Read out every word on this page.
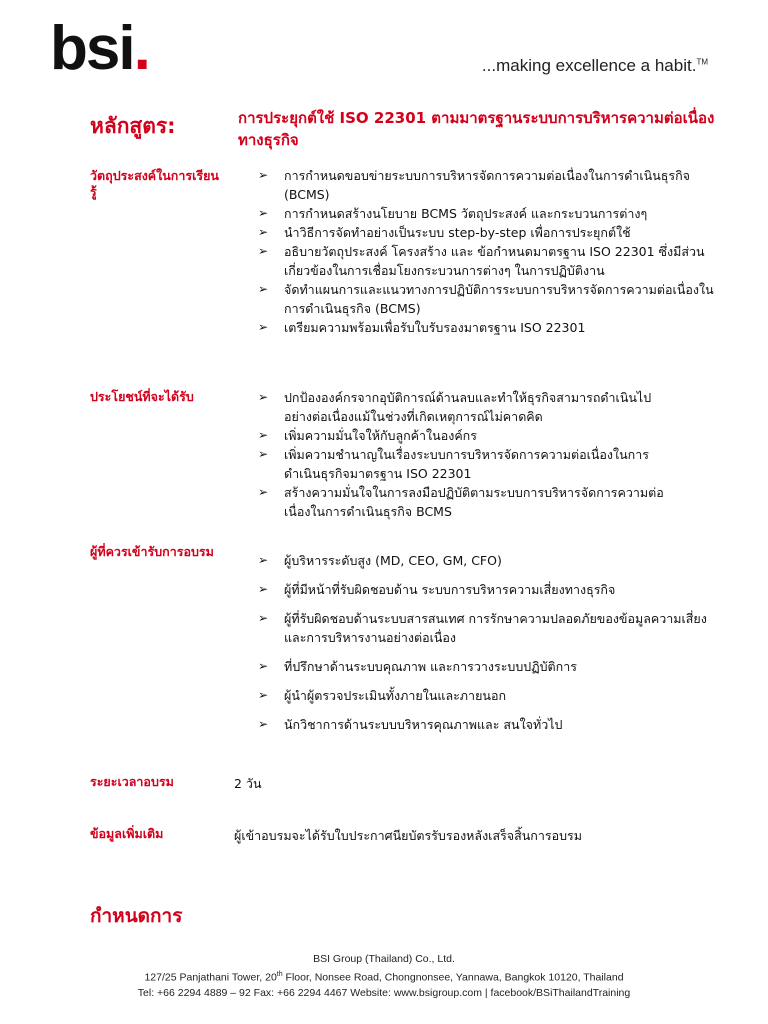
bsi.	...making excellence a habit.™
หลักสูตร:	การประยุกต์ใช้ ISO 22301 ตามมาตรฐานระบบการบริหารความต่อเนื่องทางธุรกิจ
วัตถุประสงค์ในการเรียนรู้
➢ การกำหนดขอบข่ายระบบการบริหารจัดการความต่อเนื่องในการดำเนินธุรกิจ (BCMS)
➢ การกำหนดสร้างนโยบาย BCMS วัตถุประสงค์ และกระบวนการต่างๆ
➢ นำวิธีการจัดทำอย่างเป็นระบบ step-by-step เพื่อการประยุกต์ใช้
➢ อธิบายวัตถุประสงค์ โครงสร้าง และ ข้อกำหนดมาตรฐาน ISO 22301 ซึ่งมีส่วนเกี่ยวข้องในการเชื่อมโยงกระบวนการต่างๆ ในการปฏิบัติงาน
➢ จัดทำแผนการและแนวทางการปฏิบัติการระบบการบริหารจัดการความต่อเนื่องในการดำเนินธุรกิจ (BCMS)
➢ เตรียมความพร้อมเพื่อรับใบรับรองมาตรฐาน ISO 22301
ประโยชน์ที่จะได้รับ	➢ ปกป้ององค์กรจากอุบัติการณ์ด้านลบและทำให้ธุรกิจสามารถดำเนินไปอย่างต่อเนื่องแม้ในช่วงที่เกิดเหตุการณ์ไม่คาดคิด
➢ เพิ่มความมั่นใจให้กับลูกค้าในองค์กร
➢ เพิ่มความชำนาญในเรื่องระบบการบริหารจัดการความต่อเนื่องในการดำเนินธุรกิจมาตรฐาน ISO 22301
➢ สร้างความมั่นใจในการลงมือปฏิบัติตามระบบการบริหารจัดการความต่อเนื่องในการดำเนินธุรกิจ BCMS
ผู้ที่ควรเข้ารับการอบรม
➢ ผู้บริหารระดับสูง (MD, CEO, GM, CFO)
➢ ผู้ที่มีหน้าที่รับผิดชอบด้าน ระบบการบริหารความเสี่ยงทางธุรกิจ
➢ ผู้ที่รับผิดชอบด้านระบบสารสนเทศ การรักษาความปลอดภัยของข้อมูลความเสี่ยง และการบริหารงานอย่างต่อเนื่อง
➢ ที่ปรึกษาด้านระบบคุณภาพ และการวางระบบปฏิบัติการ
➢ ผู้นำผู้ตรวจประเมินทั้งภายในและภายนอก
➢ นักวิชาการด้านระบบบริหารคุณภาพและ สนใจทั่วไป
ระยะเวลาอบรม	2 วัน
ข้อมูลเพิ่มเติม	ผู้เข้าอบรมจะได้รับใบประกาศนียบัตรรับรองหลังเสร็จสิ้นการอบรม
กำหนดการ
BSI Group (Thailand) Co., Ltd.
127/25 Panjathani Tower, 20th Floor, Nonsee Road, Chongnonsee, Yannawa, Bangkok 10120, Thailand
Tel: +66 2294 4889 – 92 Fax: +66 2294 4467 Website: www.bsigroup.com | facebook/BSiThailandTraining
